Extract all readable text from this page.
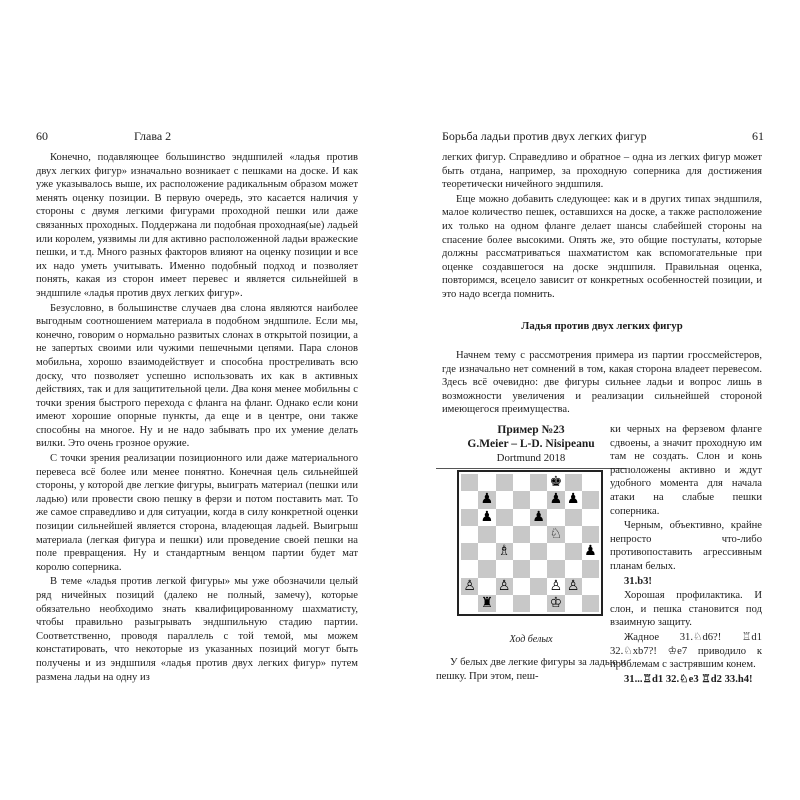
60	Глава 2

Конечно, подавляющее большинство эндшпилей «ладья против двух легких фигур» изначально возникает с пешками на доске. И как уже указывалось выше, их расположение радикальным образом может менять оценку позиции. В первую очередь, это касается наличия у стороны с двумя легкими фигурами проходной пешки или даже связанных проходных. Поддержана ли подобная проходная(ые) ладьей или королем, уязвимы ли для активно расположенной ладьи вражеские пешки, и т.д. Много разных факторов влияют на оценку позиции и все их надо уметь учитывать. Именно подобный подход и позволяет понять, какая из сторон имеет перевес и является сильнейшей в эндшпиле «ладья против двух легких фигур».

Безусловно, в большинстве случаев два слона являются наиболее выгодным соотношением материала в подобном эндшпиле. Если мы, конечно, говорим о нормально развитых слонах в открытой позиции, а не запертых своими или чужими пешечными цепями. Пара слонов мобильна, хорошо взаимодействует и способна простреливать всю доску, что позволяет успешно использовать их как в активных действиях, так и для защитительной цели. Два коня менее мобильны с точки зрения быстрого перехода с фланга на фланг. Однако если кони имеют хорошие опорные пункты, да еще и в центре, они также способны на многое. Ну и не надо забывать про их умение делать вилки. Это очень грозное оружие.

С точки зрения реализации позиционного или даже материального перевеса всё более или менее понятно. Конечная цель сильнейшей стороны, у которой две легкие фигуры, выиграть материал (пешки или ладью) или провести свою пешку в ферзи и потом поставить мат. То же самое справедливо и для ситуации, когда в силу конкретной оценки позиции сильнейшей является сторона, владеющая ладьей. Выигрыш материала (легкая фигура и пешки) или проведение своей пешки на поле превращения. Ну и стандартным венцом партии будет мат королю соперника.

В теме «ладья против легкой фигуры» мы уже обозначили целый ряд ничейных позиций (далеко не полный, замечу), которые обязательно необходимо знать квалифицированному шахматисту, чтобы правильно разыгрывать эндшпильную стадию партии. Соответственно, проводя параллель с той темой, мы можем констатировать, что некоторые из указанных позиций могут быть получены и из эндшпиля «ладья против двух легких фигур» путем размена ладьи на одну из

Борьба ладьи против двух легких фигур	61

легких фигур. Справедливо и обратное – одна из легких фигур может быть отдана, например, за проходную соперника для достижения теоретически ничейного эндшпиля.

Еще можно добавить следующее: как и в других типах эндшпиля, малое количество пешек, оставшихся на доске, а также расположение их только на одном фланге делает шансы слабейшей стороны на спасение более высокими. Опять же, это общие постулаты, которые должны рассматриваться шахматистом как вспомогательные при оценке создавшегося на доске эндшпиля. Правильная оценка, повторимся, всецело зависит от конкретных особенностей позиции, и это надо всегда помнить.

Ладья против двух легких фигур

Начнем тему с рассмотрения примера из партии гроссмейстеров, где изначально нет сомнений в том, какая сторона владеет перевесом. Здесь всё очевидно: две фигуры сильнее ладьи и вопрос лишь в возможности увеличения и реализации сильнейшей стороной имеющегося преимущества.

Пример №23
G.Meier – L-D. Nisipeanu
Dortmund 2018
♚
♟	♟ ♟
♟	♟
♘
♗	♟
♙ ♙	♙ ♙
♜	♔
Ход белых

У белых две легкие фигуры за ладью и пешку. При этом, пеш-

ки черных на ферзевом фланге сдвоены, а значит проходную им там не создать. Слон и конь расположены активно и ждут удобного момента для начала атаки на слабые пешки соперника.

Черным, объективно, крайне непросто что-либо противопоставить агрессивным планам белых.

31.b3!

Хорошая профилактика. И слон, и пешка становится под взаимную защиту.

Жадное 31.♘d6?! ♖d1 32.♘xb7?! ♔e7 приводило к проблемам с застрявшим конем.

31...♖d1 32.♘e3 ♖d2 33.h4!
